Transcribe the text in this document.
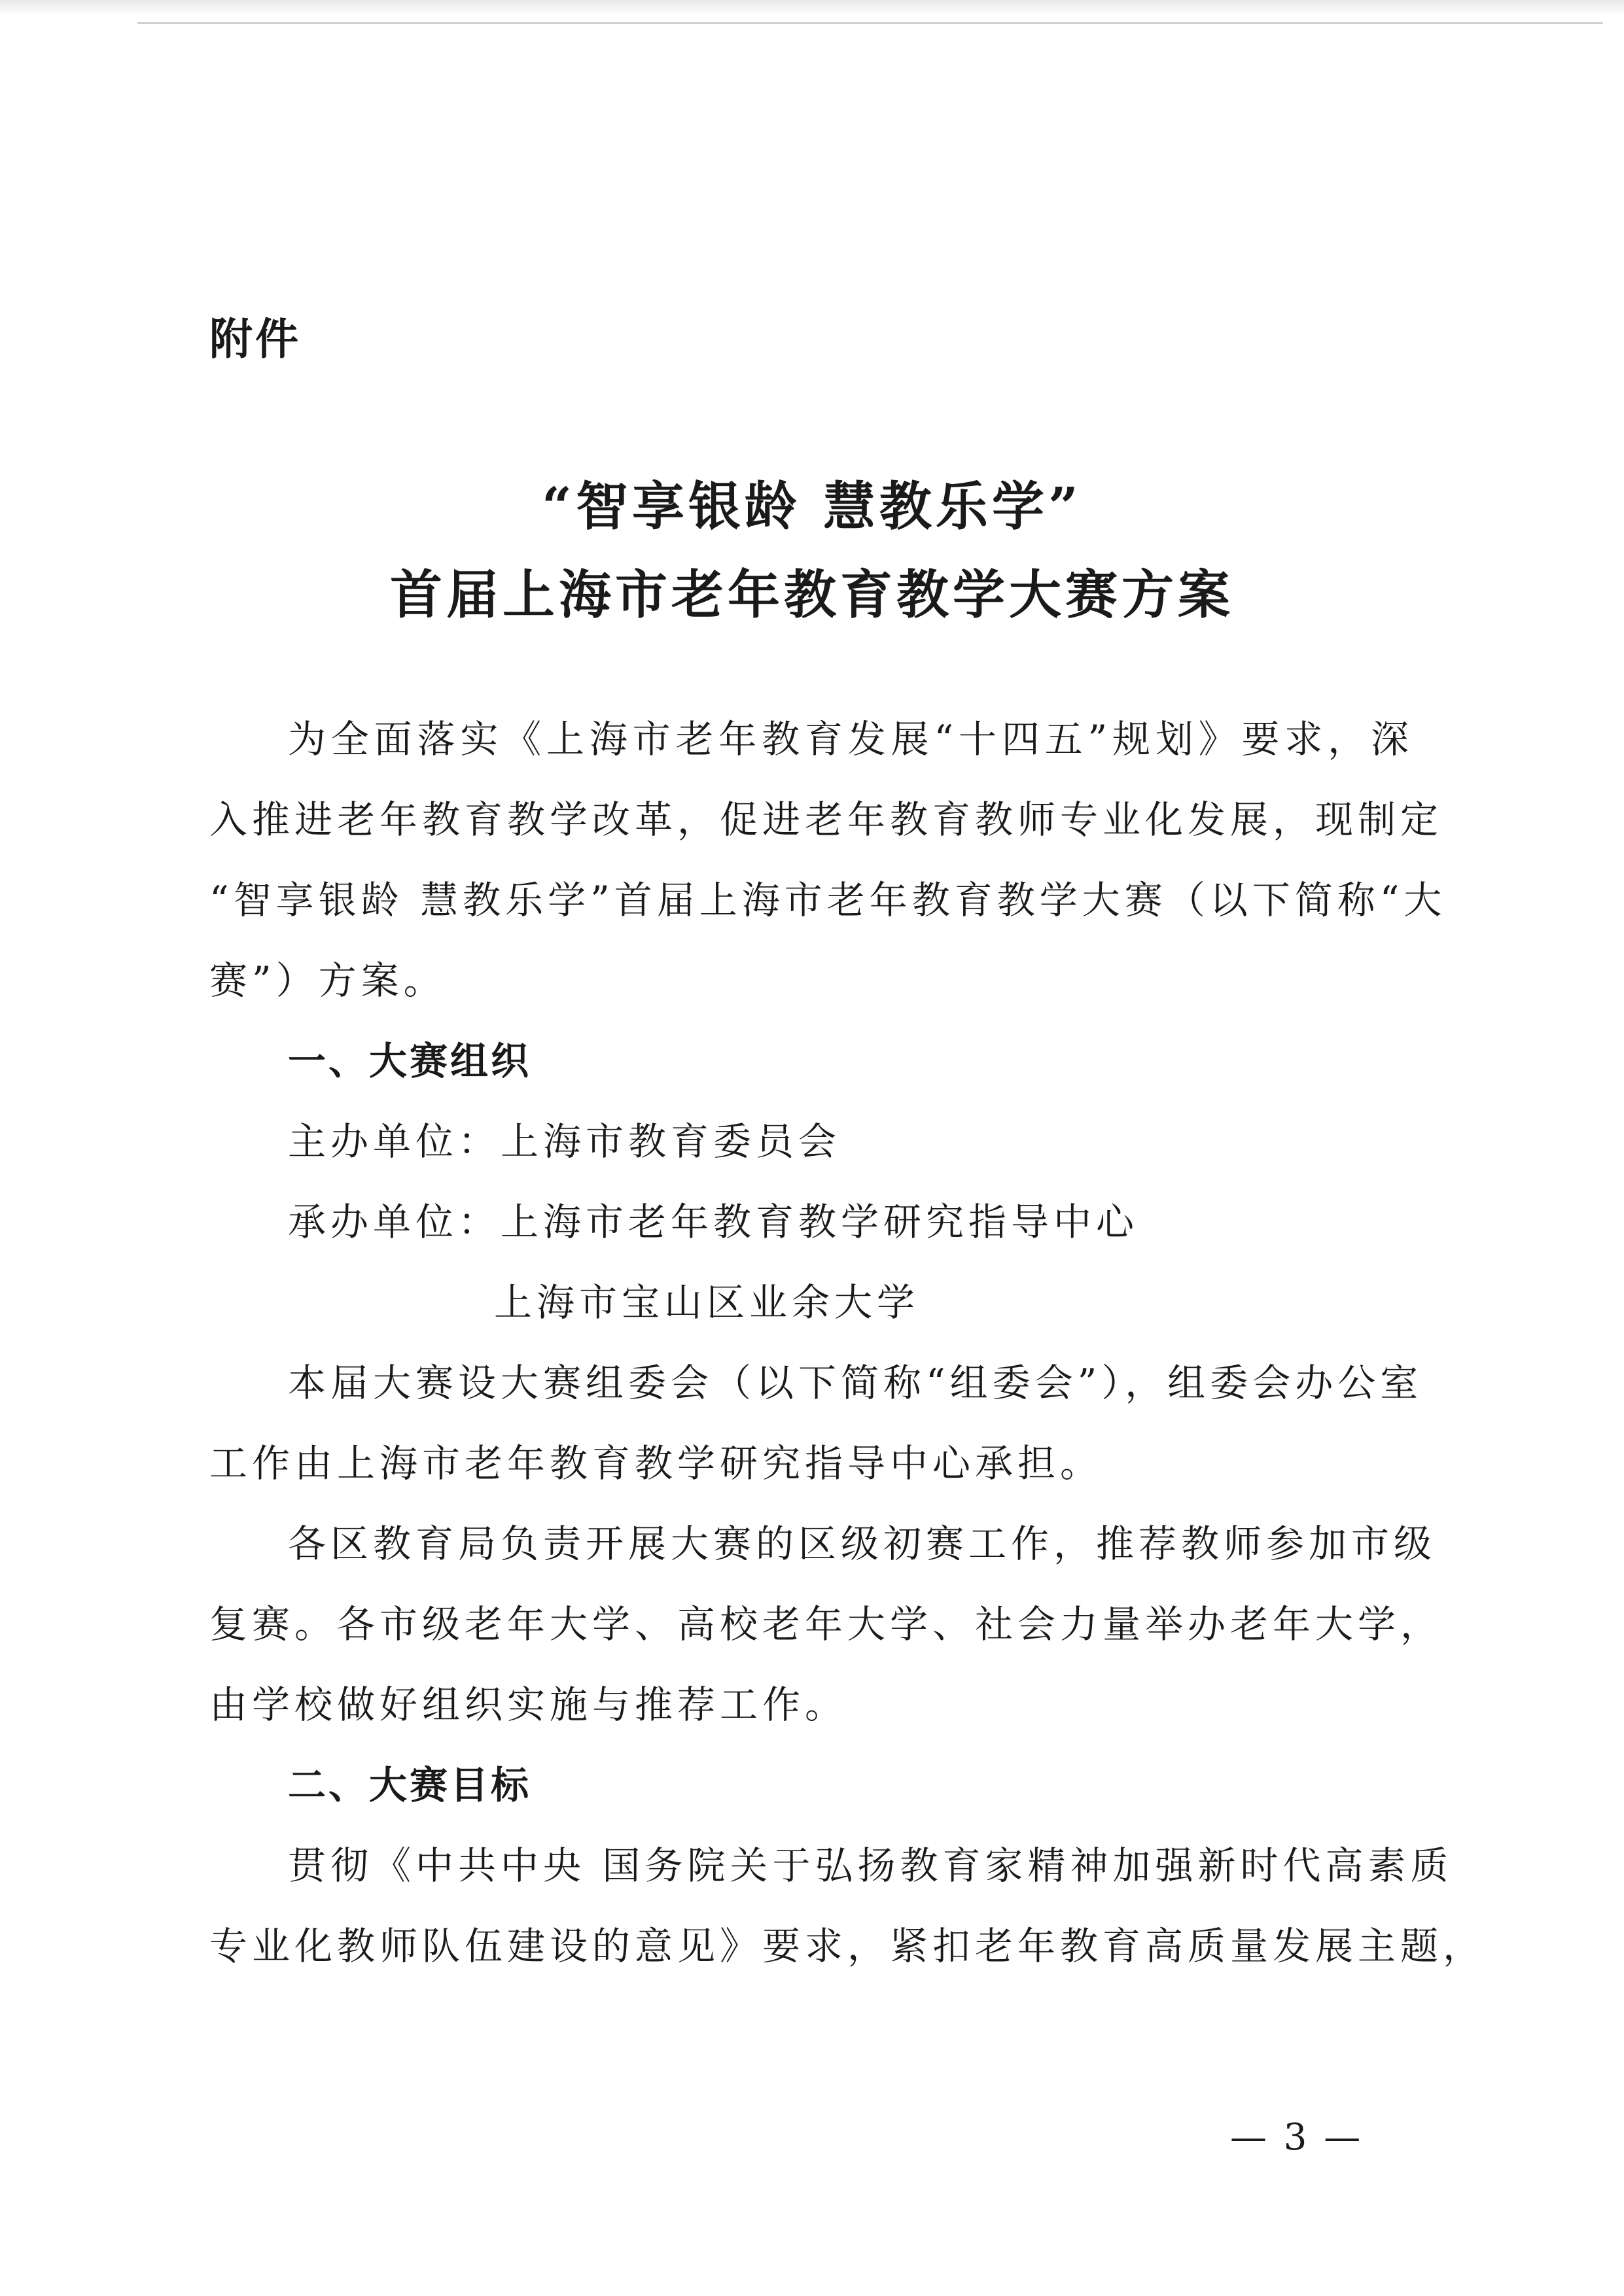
附件

“智享银龄 慧教乐学”
首届上海市老年教育教学大赛方案

为全面落实《上海市老年教育发展“十四五”规划》要求，深

入推进老年教育教学改革，促进老年教育教师专业化发展，现制定

“智享银龄 慧教乐学”首届上海市老年教育教学大赛（以下简称“大

赛”）方案。

一、大赛组织

主办单位：上海市教育委员会

承办单位：上海市老年教育教学研究指导中心

上海市宝山区业余大学

本届大赛设大赛组委会（以下简称“组委会”），组委会办公室

工作由上海市老年教育教学研究指导中心承担。

各区教育局负责开展大赛的区级初赛工作，推荐教师参加市级

复赛。各市级老年大学、高校老年大学、社会力量举办老年大学，

由学校做好组织实施与推荐工作。

二、大赛目标

贯彻《中共中央 国务院关于弘扬教育家精神加强新时代高素质

专业化教师队伍建设的意见》要求，紧扣老年教育高质量发展主题，

— 3 —
